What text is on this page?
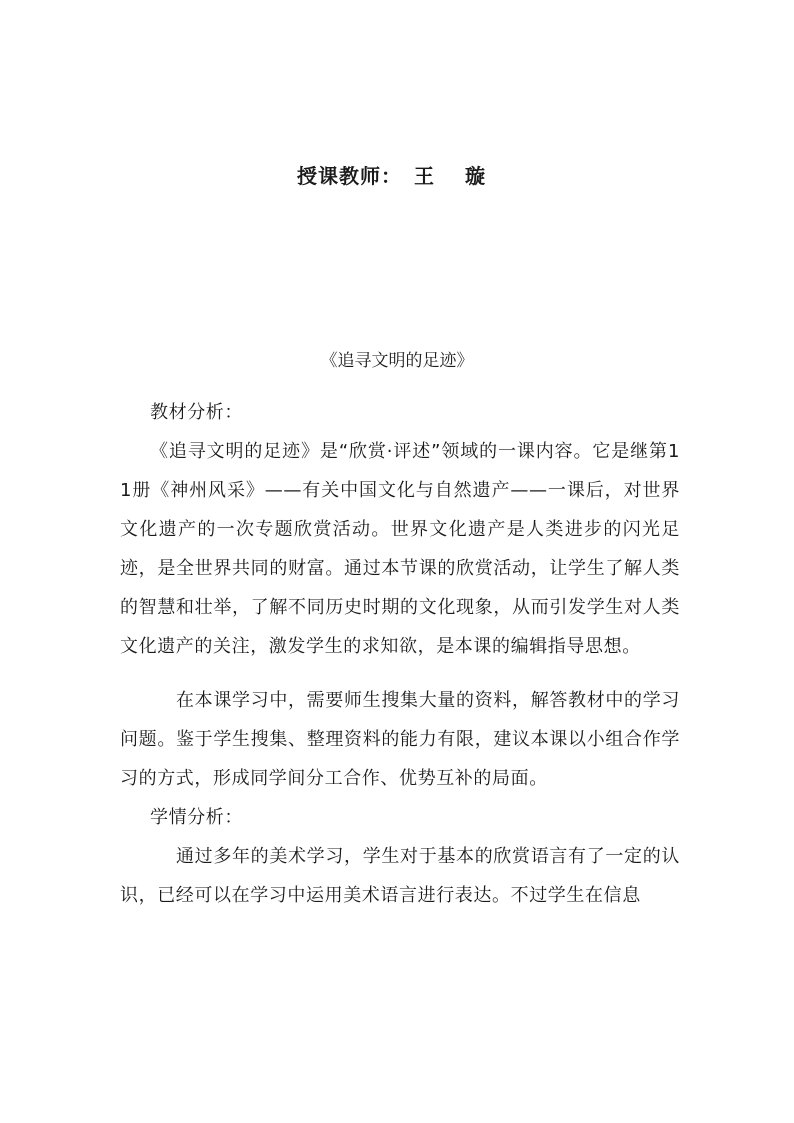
授课教师： 王 璇
《追寻文明的足迹》

教材分析：

《追寻文明的足迹》是“欣赏·评述”领域的一课内容。它是继第11册《神州风采》——有关中国文化与自然遗产——一课后，对世界文化遗产的一次专题欣赏活动。世界文化遗产是人类进步的闪光足迹，是全世界共同的财富。通过本节课的欣赏活动，让学生了解人类的智慧和壮举，了解不同历史时期的文化现象，从而引发学生对人类文化遗产的关注，激发学生的求知欲，是本课的编辑指导思想。

在本课学习中，需要师生搜集大量的资料，解答教材中的学习问题。鉴于学生搜集、整理资料的能力有限，建议本课以小组合作学习的方式，形成同学间分工合作、优势互补的局面。

学情分析：

通过多年的美术学习，学生对于基本的欣赏语言有了一定的认识，已经可以在学习中运用美术语言进行表达。不过学生在信息
